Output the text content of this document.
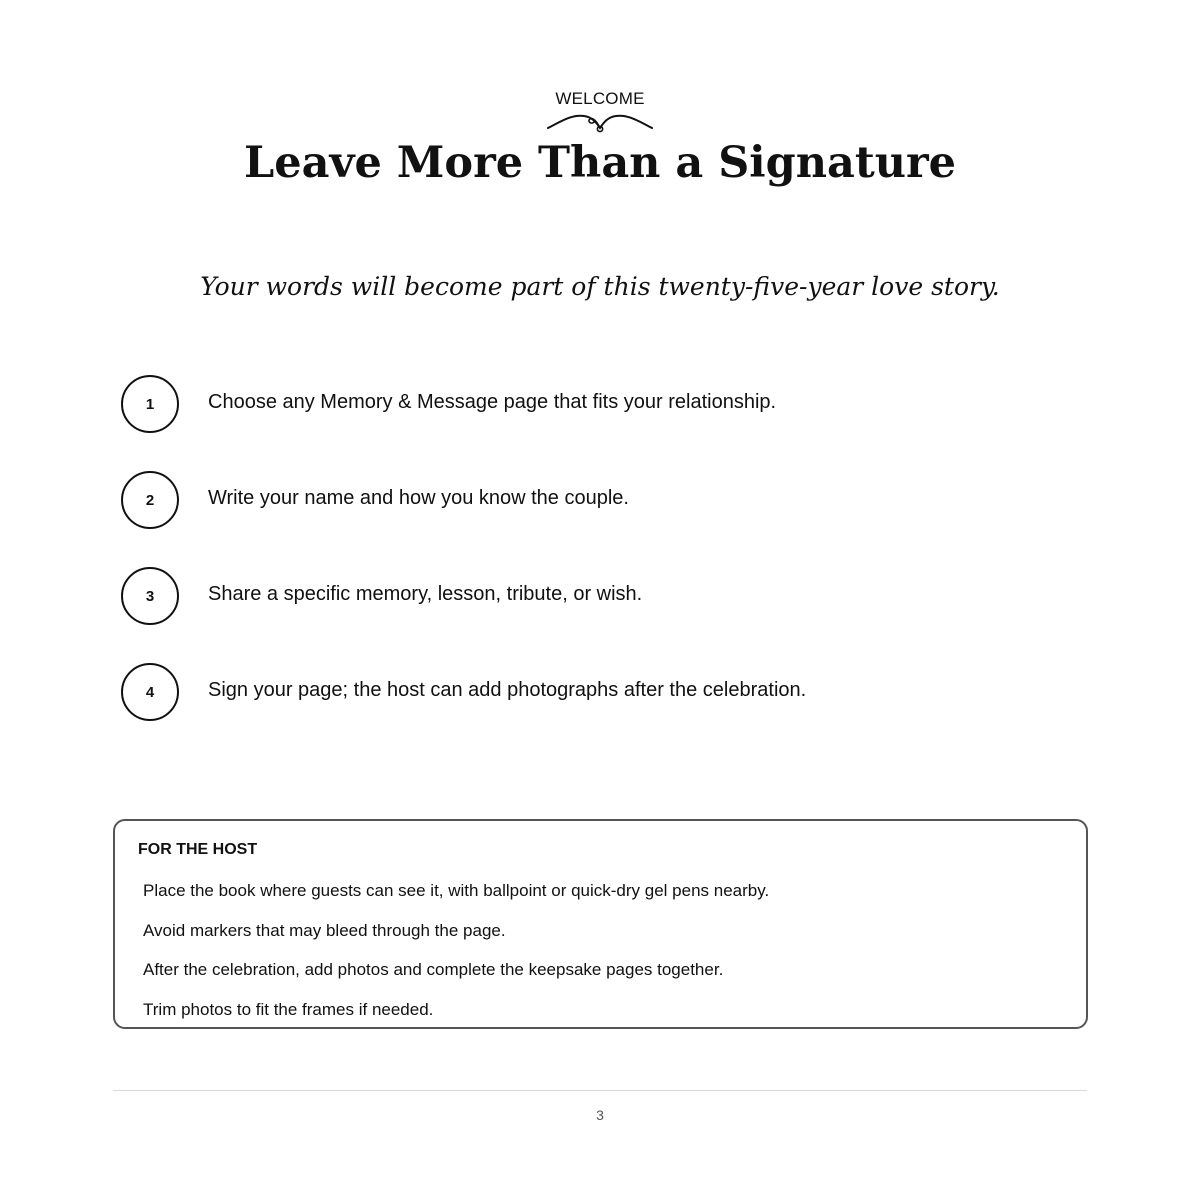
WELCOME
Leave More Than a Signature

Your words will become part of this twenty-five-year love story.

1	Choose any Memory & Message page that fits your relationship.
2	Write your name and how you know the couple.
3	Share a specific memory, lesson, tribute, or wish.
4	Sign your page; the host can add photographs after the celebration.
FOR THE HOST
Place the book where guests can see it, with ballpoint or quick-dry gel pens nearby.
Avoid markers that may bleed through the page.
After the celebration, add photos and complete the keepsake pages together.
Trim photos to fit the frames if needed.
3
